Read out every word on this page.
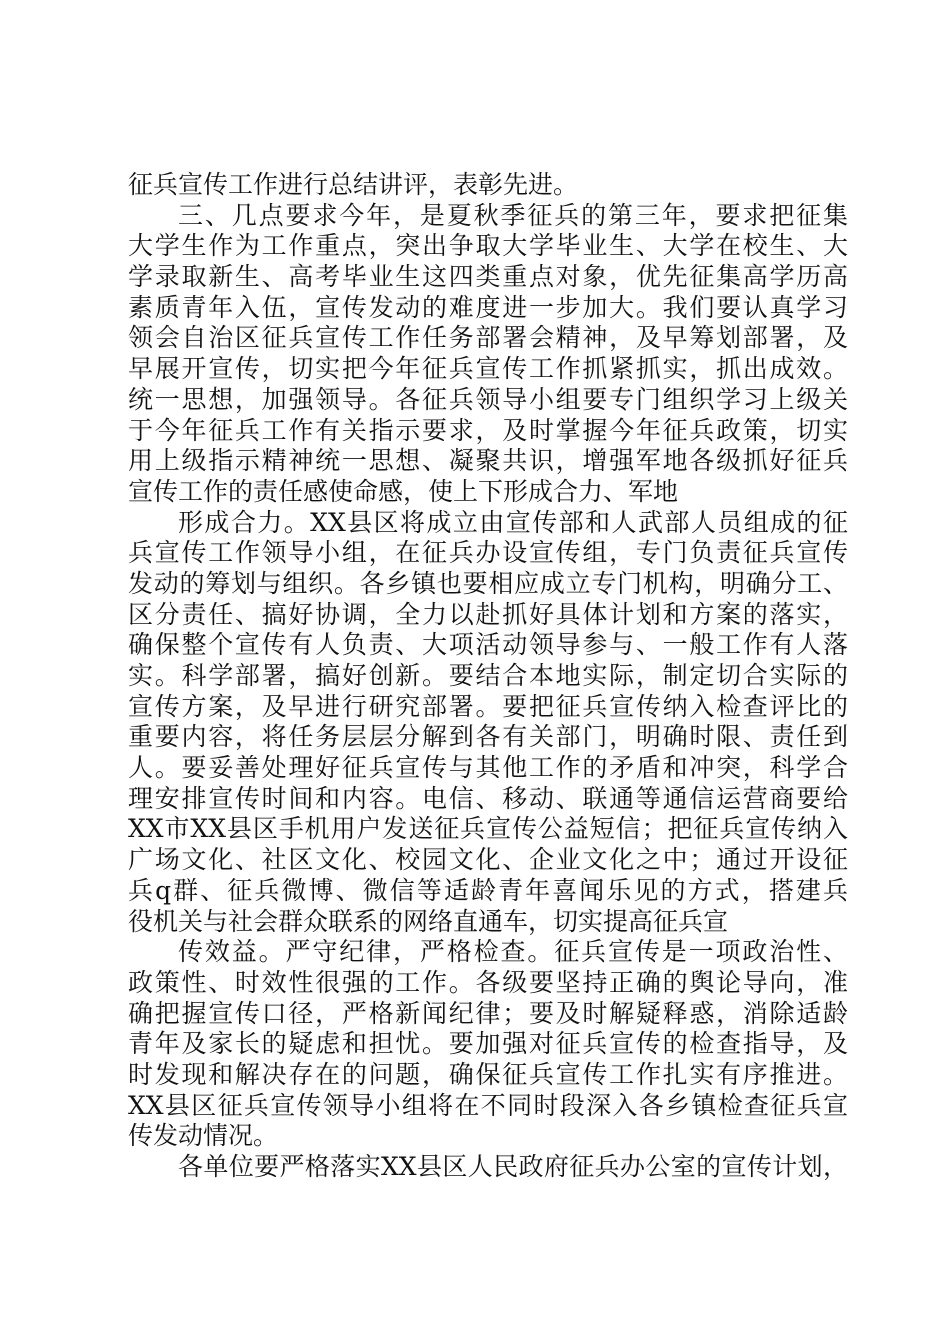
征兵宣传工作进行总结讲评，表彰先进。
三、几点要求今年，是夏秋季征兵的第三年，要求把征集
大学生作为工作重点，突出争取大学毕业生、大学在校生、大
学录取新生、高考毕业生这四类重点对象，优先征集高学历高
素质青年入伍，宣传发动的难度进一步加大。我们要认真学习
领会自治区征兵宣传工作任务部署会精神，及早筹划部署，及
早展开宣传，切实把今年征兵宣传工作抓紧抓实，抓出成效。
统一思想，加强领导。各征兵领导小组要专门组织学习上级关
于今年征兵工作有关指示要求，及时掌握今年征兵政策，切实
用上级指示精神统一思想、凝聚共识，增强军地各级抓好征兵
宣传工作的责任感使命感，使上下形成合力、军地
形成合力。XX县区将成立由宣传部和人武部人员组成的征
兵宣传工作领导小组，在征兵办设宣传组，专门负责征兵宣传
发动的筹划与组织。各乡镇也要相应成立专门机构，明确分工、
区分责任、搞好协调，全力以赴抓好具体计划和方案的落实，
确保整个宣传有人负责、大项活动领导参与、一般工作有人落
实。科学部署，搞好创新。要结合本地实际，制定切合实际的
宣传方案，及早进行研究部署。要把征兵宣传纳入检查评比的
重要内容，将任务层层分解到各有关部门，明确时限、责任到
人。要妥善处理好征兵宣传与其他工作的矛盾和冲突，科学合
理安排宣传时间和内容。电信、移动、联通等通信运营商要给
XX市XX县区手机用户发送征兵宣传公益短信；把征兵宣传纳入
广场文化、社区文化、校园文化、企业文化之中；通过开设征
兵q群、征兵微博、微信等适龄青年喜闻乐见的方式，搭建兵
役机关与社会群众联系的网络直通车，切实提高征兵宣
传效益。严守纪律，严格检查。征兵宣传是一项政治性、
政策性、时效性很强的工作。各级要坚持正确的舆论导向，准
确把握宣传口径，严格新闻纪律；要及时解疑释惑，消除适龄
青年及家长的疑虑和担忧。要加强对征兵宣传的检查指导，及
时发现和解决存在的问题，确保征兵宣传工作扎实有序推进。
XX县区征兵宣传领导小组将在不同时段深入各乡镇检查征兵宣
传发动情况。
各单位要严格落实XX县区人民政府征兵办公室的宣传计划，
